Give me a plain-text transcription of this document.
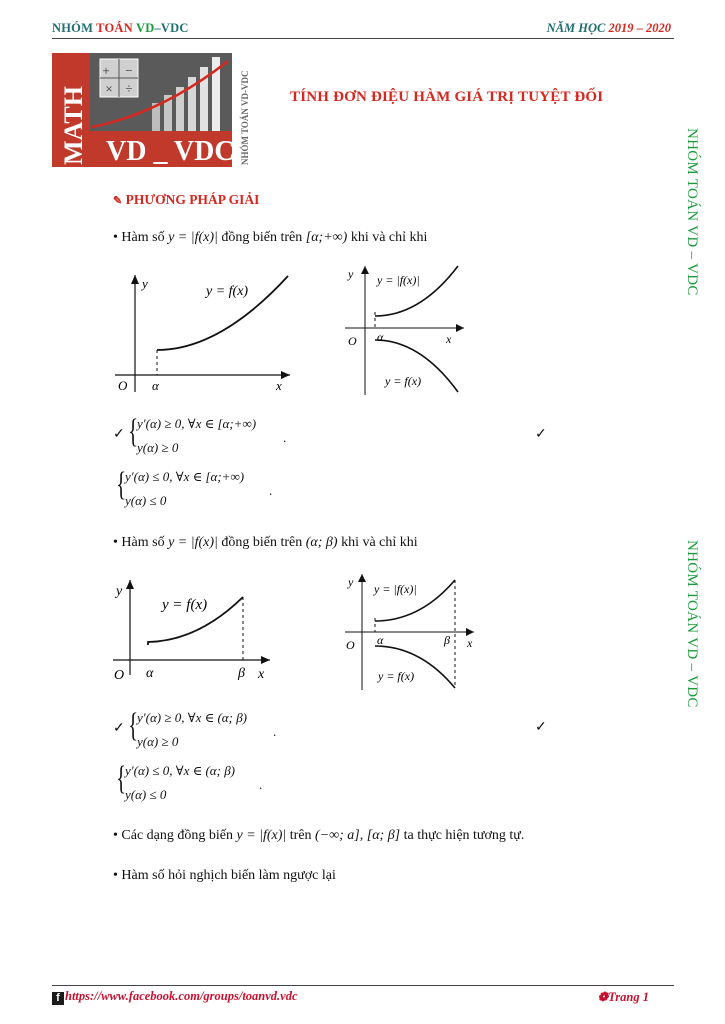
NHÓM TOÁN VD–VDC	NĂM HỌC 2019 – 2020
+ −
× ÷
MATH VD _ VDC NHÓM TOÁN VD-VDC	TÍNH ĐƠN ĐIỆU HÀM GIÁ TRỊ TUYỆT ĐỐI
NHÓM TOÁN VD – VDC
NHÓM TOÁN VD – VDC
✎ PHƯƠNG PHÁP GIẢI
• Hàm số y = |f(x)| đồng biến trên [α;+∞) khi và chỉ khi
y
x
O α
y = f(x)
y
x
O α
y = |f(x)|
y = f(x)
✓ {
y′(α) ≥ 0, ∀x ∈ [α;+∞)
y(α) ≥ 0
.	✓
{
y′(α) ≤ 0, ∀x ∈ [α;+∞)
y(α) ≤ 0
.
• Hàm số y = |f(x)| đồng biến trên (α; β) khi và chỉ khi
y
x
O α	β
y = f(x)
y
x
O α	β
y = |f(x)|
y = f(x)
✓ {
y′(α) ≥ 0, ∀x ∈ (α; β)
y(α) ≥ 0
.	✓
{
y′(α) ≤ 0, ∀x ∈ (α; β)
y(α) ≤ 0
.
• Các dạng đồng biến y = |f(x)| trên (−∞; a], [α; β] ta thực hiện tương tự.
• Hàm số hỏi nghịch biến làm ngược lại
f https://www.facebook.com/groups/toanvd.vdc	❁Trang 1
